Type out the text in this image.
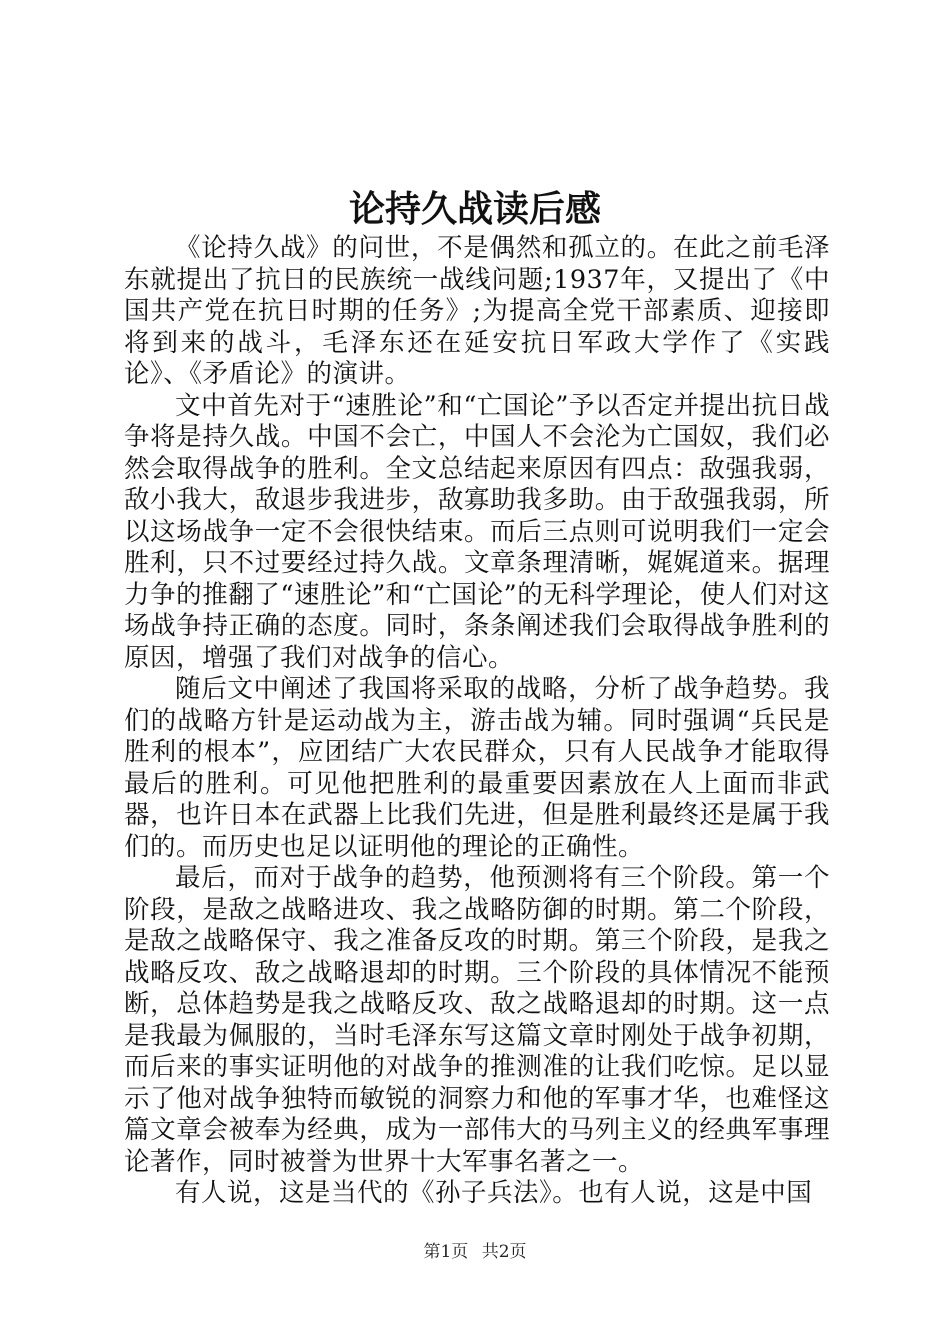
论持久战读后感

《论持久战》的问世，不是偶然和孤立的。在此之前毛泽东就提出了抗日的民族统一战线问题;1937年，又提出了《中国共产党在抗日时期的任务》;为提高全党干部素质、迎接即将到来的战斗，毛泽东还在延安抗日军政大学作了《实践论》、《矛盾论》的演讲。

文中首先对于“速胜论”和“亡国论”予以否定并提出抗日战争将是持久战。中国不会亡，中国人不会沦为亡国奴，我们必然会取得战争的胜利。全文总结起来原因有四点：敌强我弱，敌小我大，敌退步我进步，敌寡助我多助。由于敌强我弱，所以这场战争一定不会很快结束。而后三点则可说明我们一定会胜利，只不过要经过持久战。文章条理清晰，娓娓道来。据理力争的推翻了“速胜论”和“亡国论”的无科学理论，使人们对这场战争持正确的态度。同时，条条阐述我们会取得战争胜利的原因，增强了我们对战争的信心。

随后文中阐述了我国将采取的战略，分析了战争趋势。我们的战略方针是运动战为主，游击战为辅。同时强调“兵民是胜利的根本”，应团结广大农民群众，只有人民战争才能取得最后的胜利。可见他把胜利的最重要因素放在人上面而非武器，也许日本在武器上比我们先进，但是胜利最终还是属于我们的。而历史也足以证明他的理论的正确性。

最后，而对于战争的趋势，他预测将有三个阶段。第一个阶段，是敌之战略进攻、我之战略防御的时期。第二个阶段，是敌之战略保守、我之准备反攻的时期。第三个阶段，是我之战略反攻、敌之战略退却的时期。三个阶段的具体情况不能预断，总体趋势是我之战略反攻、敌之战略退却的时期。这一点是我最为佩服的，当时毛泽东写这篇文章时刚处于战争初期，而后来的事实证明他的对战争的推测准的让我们吃惊。足以显示了他对战争独特而敏锐的洞察力和他的军事才华，也难怪这篇文章会被奉为经典，成为一部伟大的马列主义的经典军事理论著作，同时被誉为世界十大军事名著之一。

有人说，这是当代的《孙子兵法》。也有人说，这是中国

第1页 共2页
